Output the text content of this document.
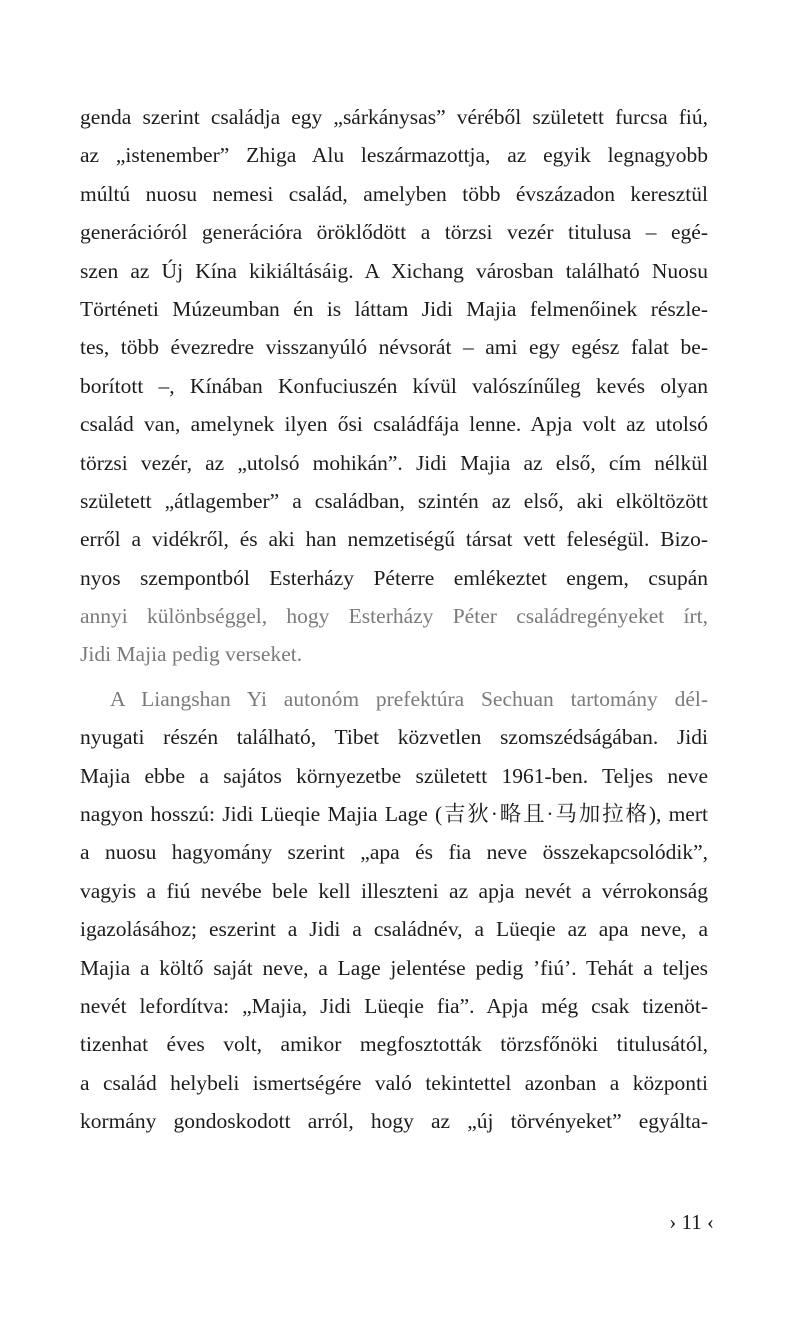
genda szerint családja egy „sárkánysas” véréből született furcsa fiú,
az „istenember” Zhiga Alu leszármazottja, az egyik legnagyobb
múltú nuosu nemesi család, amelyben több évszázadon keresztül
generációról generációra öröklődött a törzsi vezér titulusa – egé-
szen az Új Kína kikiáltásáig. A Xichang városban található Nuosu
Történeti Múzeumban én is láttam Jidi Majia felmenőinek részle-
tes, több évezredre visszanyúló névsorát – ami egy egész falat be-
borított –, Kínában Konfuciuszén kívül valószínűleg kevés olyan
család van, amelynek ilyen ősi családfája lenne. Apja volt az utolsó
törzsi vezér, az „utolsó mohikán”. Jidi Majia az első, cím nélkül
született „átlagember” a családban, szintén az első, aki elköltözött
erről a vidékről, és aki han nemzetiségű társat vett feleségül. Bizo-
nyos szempontból Esterházy Péterre emlékeztet engem, csupán
annyi különbséggel, hogy Esterházy Péter családregényeket írt,
Jidi Majia pedig verseket.
A Liangshan Yi autonóm prefektúra Sechuan tartomány dél-
nyugati részén található, Tibet közvetlen szomszédságában. Jidi
Majia ebbe a sajátos környezetbe született 1961-ben. Teljes neve
nagyon hosszú: Jidi Lüeqie Majia Lage (吉狄·略且·马加拉格), mert
a nuosu hagyomány szerint „apa és fia neve összekapcsolódik”,
vagyis a fiú nevébe bele kell illeszteni az apja nevét a vérrokonság
igazolásához; eszerint a Jidi a családnév, a Lüeqie az apa neve, a
Majia a költő saját neve, a Lage jelentése pedig ’fiú’. Tehát a teljes
nevét lefordítva: „Majia, Jidi Lüeqie fia”. Apja még csak tizenöt-
tizenhat éves volt, amikor megfosztották törzsfőnöki titulusától,
a család helybeli ismertségére való tekintettel azonban a központi
kormány gondoskodott arról, hogy az „új törvényeket” egyálta-
› 11 ‹
